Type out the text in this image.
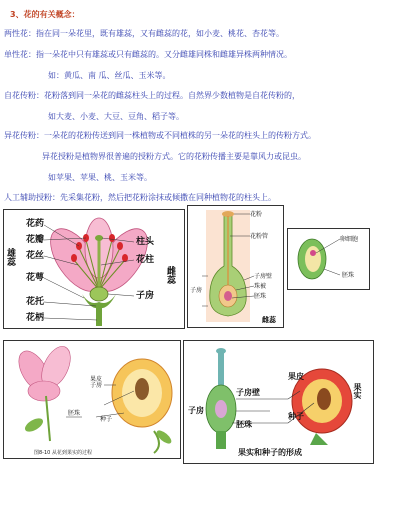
3、花的有关概念：
两性花：指在同一朵花里，既有雄蕊，又有雌蕊的花，如小麦、桃花、杏花等。
单性花：指一朵花中只有雄蕊或只有雌蕊的。又分雌雄同株和雌雄异株两种情况。
如：黄瓜、南 瓜、丝瓜、玉米等。
自花传粉：花粉落到同一朵花的雌蕊柱头上的过程。自然界少数植物是自花传粉的，
如大麦、小麦、大豆、豆角、稻子等。
异花传粉：一朵花的花粉传送到同一株植物或不同植株的另一朵花的柱头上的传粉方式。
异花授粉是植物界很普遍的授粉方式。它的花粉传播主要是靠风力或昆虫。
如苹果、苹果、桃、玉米等。
人工辅助授粉：先采集花粉，然后把花粉涂抹或倾撒在同种植物花的柱头上。
花药
花瓣
花丝
花萼
花托
花柄
柱头
花柱
子房
雄蕊
雌蕊
花粉
花粉管
子房壁
珠被
胚珠
子房
雌蕊
卵细胞
胚珠
子房
胚珠
果皮
种子
图8-10 从花到果实的过程
子房
子房壁
胚珠
果皮
种子
果实
果实和种子的形成
